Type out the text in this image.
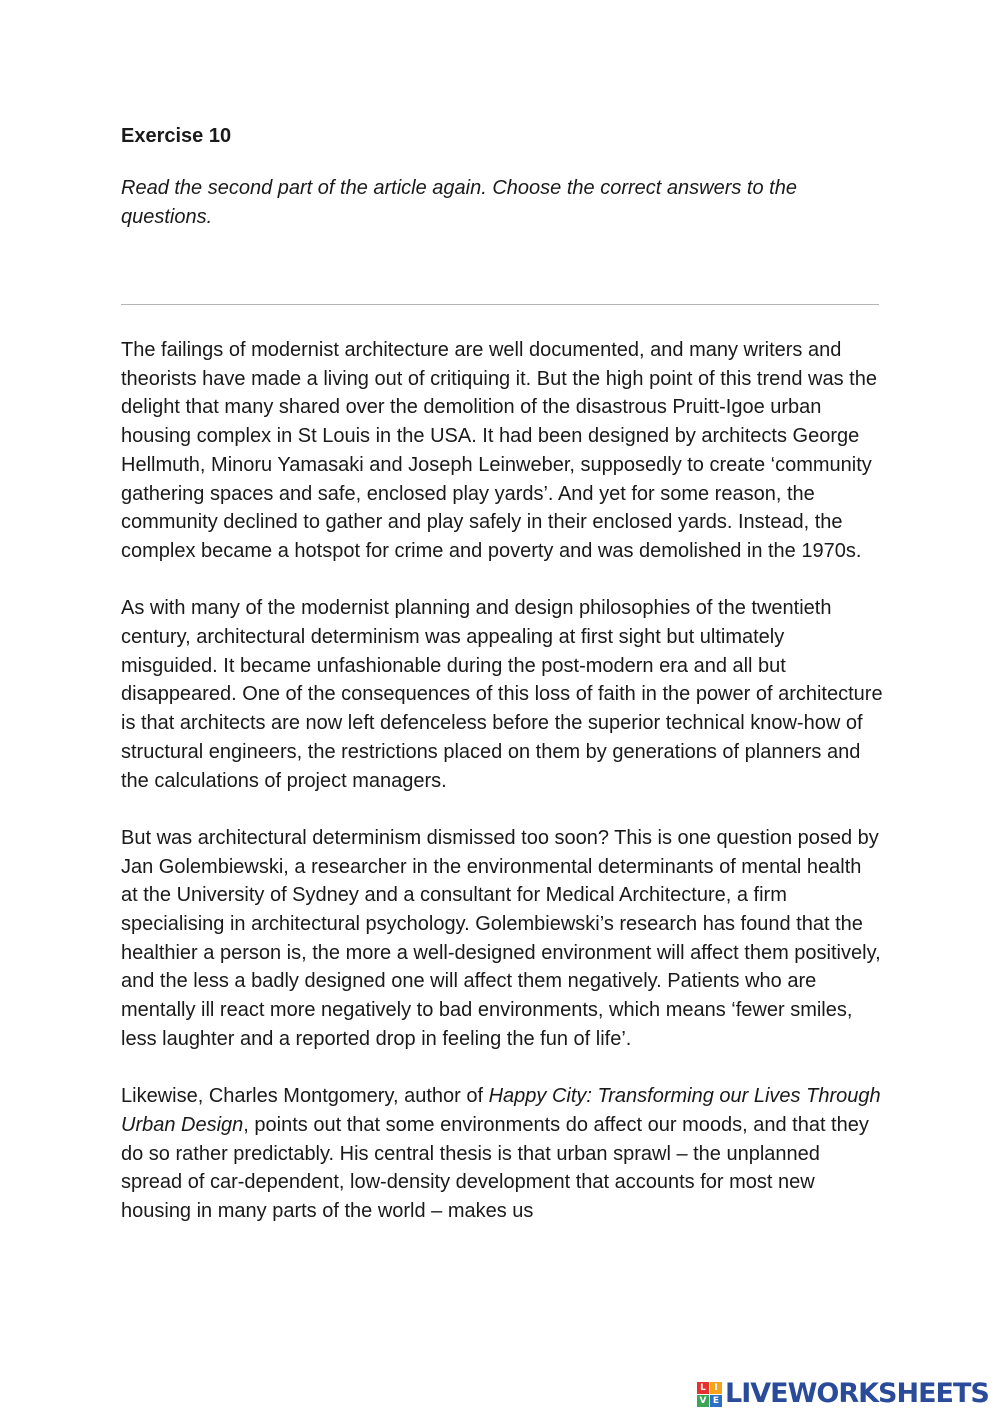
Exercise 10

Read the second part of the article again. Choose the correct answers to the questions.

The failings of modernist architecture are well documented, and many writers and theorists have made a living out of critiquing it. But the high point of this trend was the delight that many shared over the demolition of the disastrous Pruitt-Igoe urban housing complex in St Louis in the USA. It had been designed by architects George Hellmuth, Minoru Yamasaki and Joseph Leinweber, supposedly to create ‘community gathering spaces and safe, enclosed play yards’. And yet for some reason, the community declined to gather and play safely in their enclosed yards. Instead, the complex became a hotspot for crime and poverty and was demolished in the 1970s.

As with many of the modernist planning and design philosophies of the twentieth century, architectural determinism was appealing at first sight but ultimately misguided. It became unfashionable during the post-modern era and all but disappeared. One of the consequences of this loss of faith in the power of architecture is that architects are now left defenceless before the superior technical know-how of structural engineers, the restrictions placed on them by generations of planners and the calculations of project managers.

But was architectural determinism dismissed too soon? This is one question posed by Jan Golembiewski, a researcher in the environmental determinants of mental health at the University of Sydney and a consultant for Medical Architecture, a firm specialising in architectural psychology. Golembiewski’s research has found that the healthier a person is, the more a well-designed environment will affect them positively, and the less a badly designed one will affect them negatively. Patients who are mentally ill react more negatively to bad environments, which means ‘fewer smiles, less laughter and a reported drop in feeling the fun of life’.

Likewise, Charles Montgomery, author of Happy City: Transforming our Lives Through Urban Design, points out that some environments do affect our moods, and that they do so rather predictably. His central thesis is that urban sprawl – the unplanned spread of car-dependent, low-density development that accounts for most new housing in many parts of the world – makes us

L I
V E LIVEWORKSHEETS
